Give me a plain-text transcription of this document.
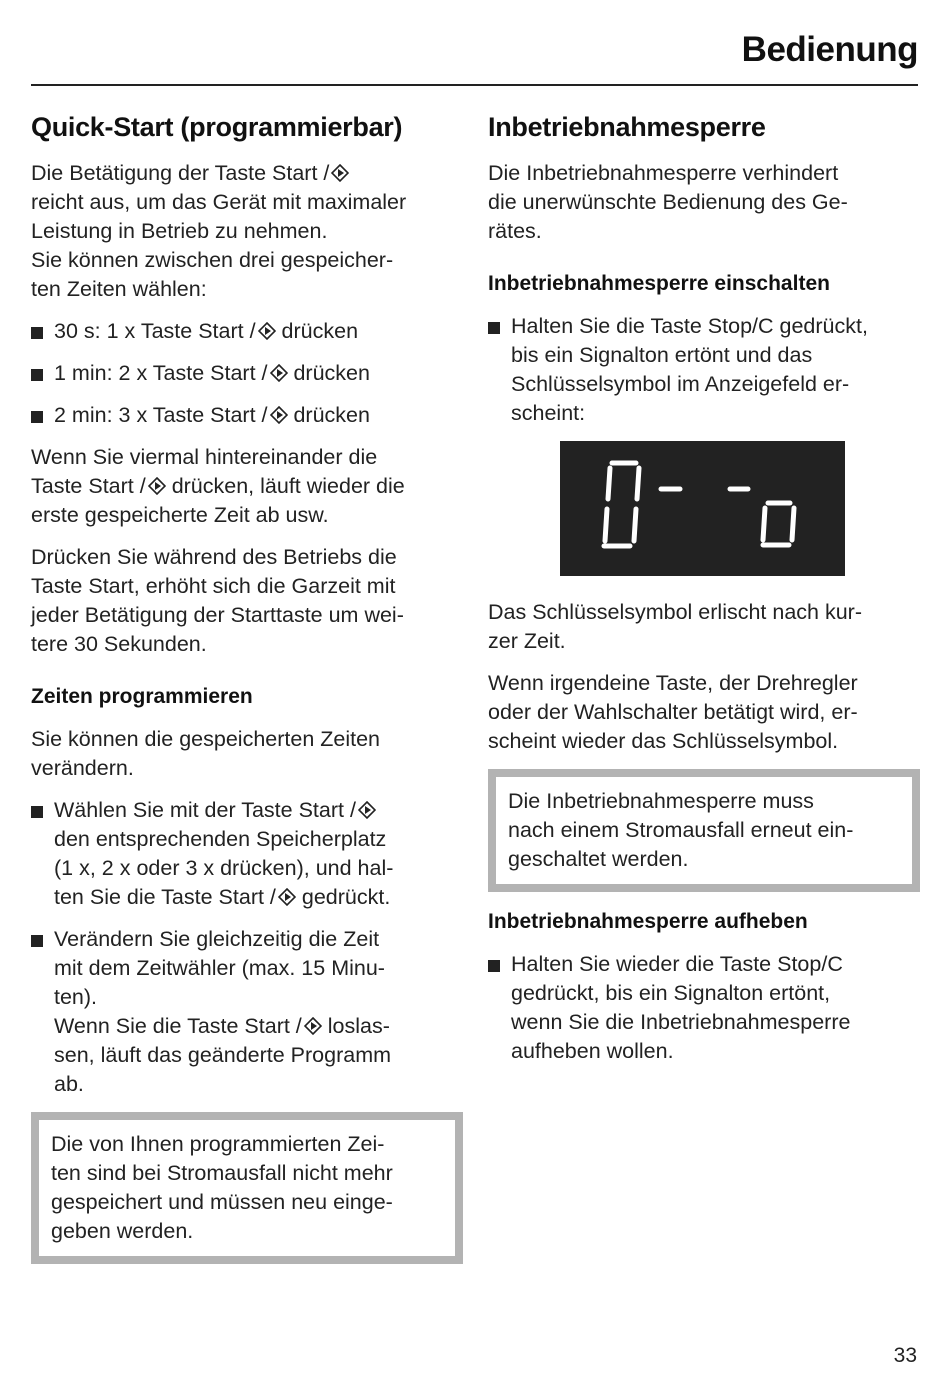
Bedienung
Quick-Start (programmierbar)

Die Betätigung der Taste Start /
reicht aus, um das Gerät mit maximaler
Leistung in Betrieb zu nehmen.
Sie können zwischen drei gespeicher-
ten Zeiten wählen:

30 s: 1 x Taste Start /
drücken
1 min: 2 x Taste Start /
drücken
2 min: 3 x Taste Start /
drücken

Wenn Sie viermal hintereinander die
Taste Start /
drücken, läuft wieder die
erste gespeicherte Zeit ab usw.

Drücken Sie während des Betriebs die
Taste Start, erhöht sich die Garzeit mit
jeder Betätigung der Starttaste um wei-
tere 30 Sekunden.

Zeiten programmieren

Sie können die gespeicherten Zeiten
verändern.

Wählen Sie mit der Taste Start /
den entsprechenden Speicherplatz
(1 x, 2 x oder 3 x drücken), und hal-
ten Sie die Taste Start /
gedrückt.
Verändern Sie gleichzeitig die Zeit
mit dem Zeitwähler (max. 15 Minu-
ten).
Wenn Sie die Taste Start /
loslas-
sen, läuft das geänderte Programm
ab.

Die von Ihnen programmierten Zei-
ten sind bei Stromausfall nicht mehr
gespeichert und müssen neu einge-
geben werden.

Inbetriebnahmesperre

Die Inbetriebnahmesperre verhindert
die unerwünschte Bedienung des Ge-
rätes.

Inbetriebnahmesperre einschalten
Halten Sie die Taste Stop/C gedrückt,
bis ein Signalton ertönt und das
Schlüsselsymbol im Anzeigefeld er-
scheint:

Das Schlüsselsymbol erlischt nach kur-
zer Zeit.

Wenn irgendeine Taste, der Drehregler
oder der Wahlschalter betätigt wird, er-
scheint wieder das Schlüsselsymbol.

Die Inbetriebnahmesperre muss
nach einem Stromausfall erneut ein-
geschaltet werden.

Inbetriebnahmesperre aufheben
Halten Sie wieder die Taste Stop/C
gedrückt, bis ein Signalton ertönt,
wenn Sie die Inbetriebnahmesperre
aufheben wollen.
33
